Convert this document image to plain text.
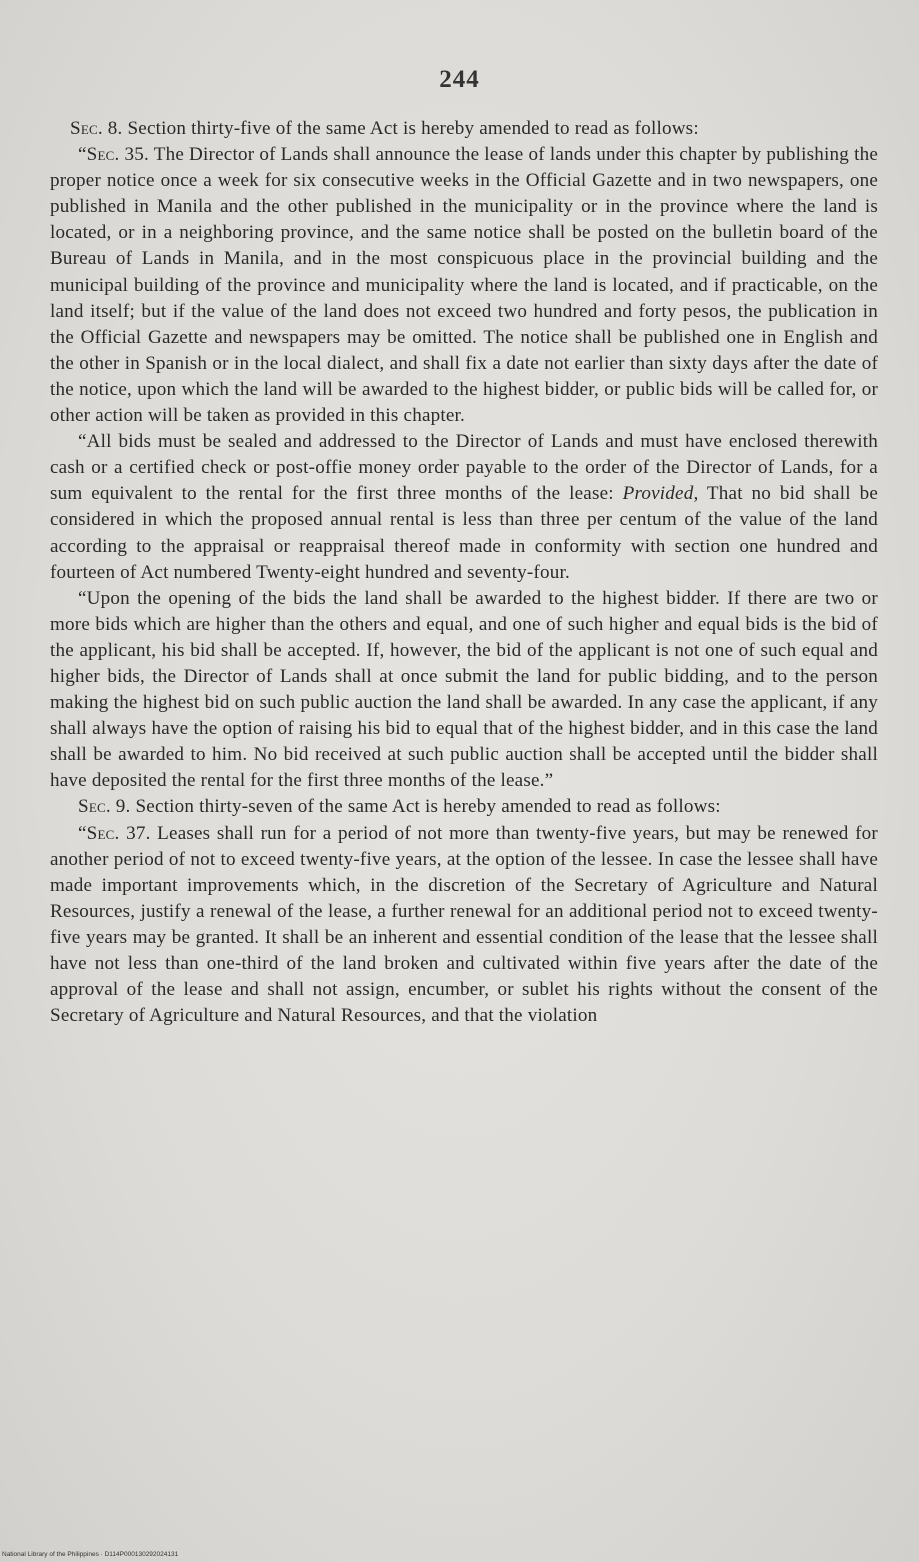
244

Sec. 8. Section thirty-five of the same Act is hereby amended to read as follows:

“Sec. 35. The Director of Lands shall announce the lease of lands under this chapter by publishing the proper notice once a week for six consecutive weeks in the Official Gazette and in two newspapers, one published in Manila and the other published in the municipality or in the province where the land is located, or in a neighboring province, and the same notice shall be posted on the bulletin board of the Bureau of Lands in Manila, and in the most conspicuous place in the provincial building and the municipal building of the province and municipality where the land is located, and if practicable, on the land itself; but if the value of the land does not exceed two hundred and forty pesos, the publication in the Official Gazette and newspapers may be omitted. The notice shall be published one in English and the other in Spanish or in the local dialect, and shall fix a date not earlier than sixty days after the date of the notice, upon which the land will be awarded to the highest bidder, or public bids will be called for, or other action will be taken as provided in this chapter.

“All bids must be sealed and addressed to the Director of Lands and must have enclosed therewith cash or a certified check or post-offie money order payable to the order of the Director of Lands, for a sum equivalent to the rental for the first three months of the lease: Provided, That no bid shall be considered in which the proposed annual rental is less than three per centum of the value of the land according to the appraisal or reappraisal thereof made in conformity with section one hundred and fourteen of Act numbered Twenty-eight hundred and seventy-four.

“Upon the opening of the bids the land shall be awarded to the highest bidder. If there are two or more bids which are higher than the others and equal, and one of such higher and equal bids is the bid of the applicant, his bid shall be accepted. If, however, the bid of the applicant is not one of such equal and higher bids, the Director of Lands shall at once submit the land for public bidding, and to the person making the highest bid on such public auction the land shall be awarded. In any case the applicant, if any shall always have the option of raising his bid to equal that of the highest bidder, and in this case the land shall be awarded to him. No bid received at such public auction shall be accepted until the bidder shall have deposited the rental for the first three months of the lease.”

Sec. 9. Section thirty-seven of the same Act is hereby amended to read as follows:

“Sec. 37. Leases shall run for a period of not more than twenty-five years, but may be renewed for another period of not to exceed twenty-five years, at the option of the lessee. In case the lessee shall have made important improvements which, in the discretion of the Secretary of Agriculture and Natural Resources, justify a renewal of the lease, a further renewal for an additional period not to exceed twenty-five years may be granted. It shall be an inherent and essential condition of the lease that the lessee shall have not less than one-third of the land broken and cultivated within five years after the date of the approval of the lease and shall not assign, encumber, or sublet his rights without the consent of the Secretary of Agriculture and Natural Resources, and that the violation

National Library of the Philippines · D114P000130292024131
